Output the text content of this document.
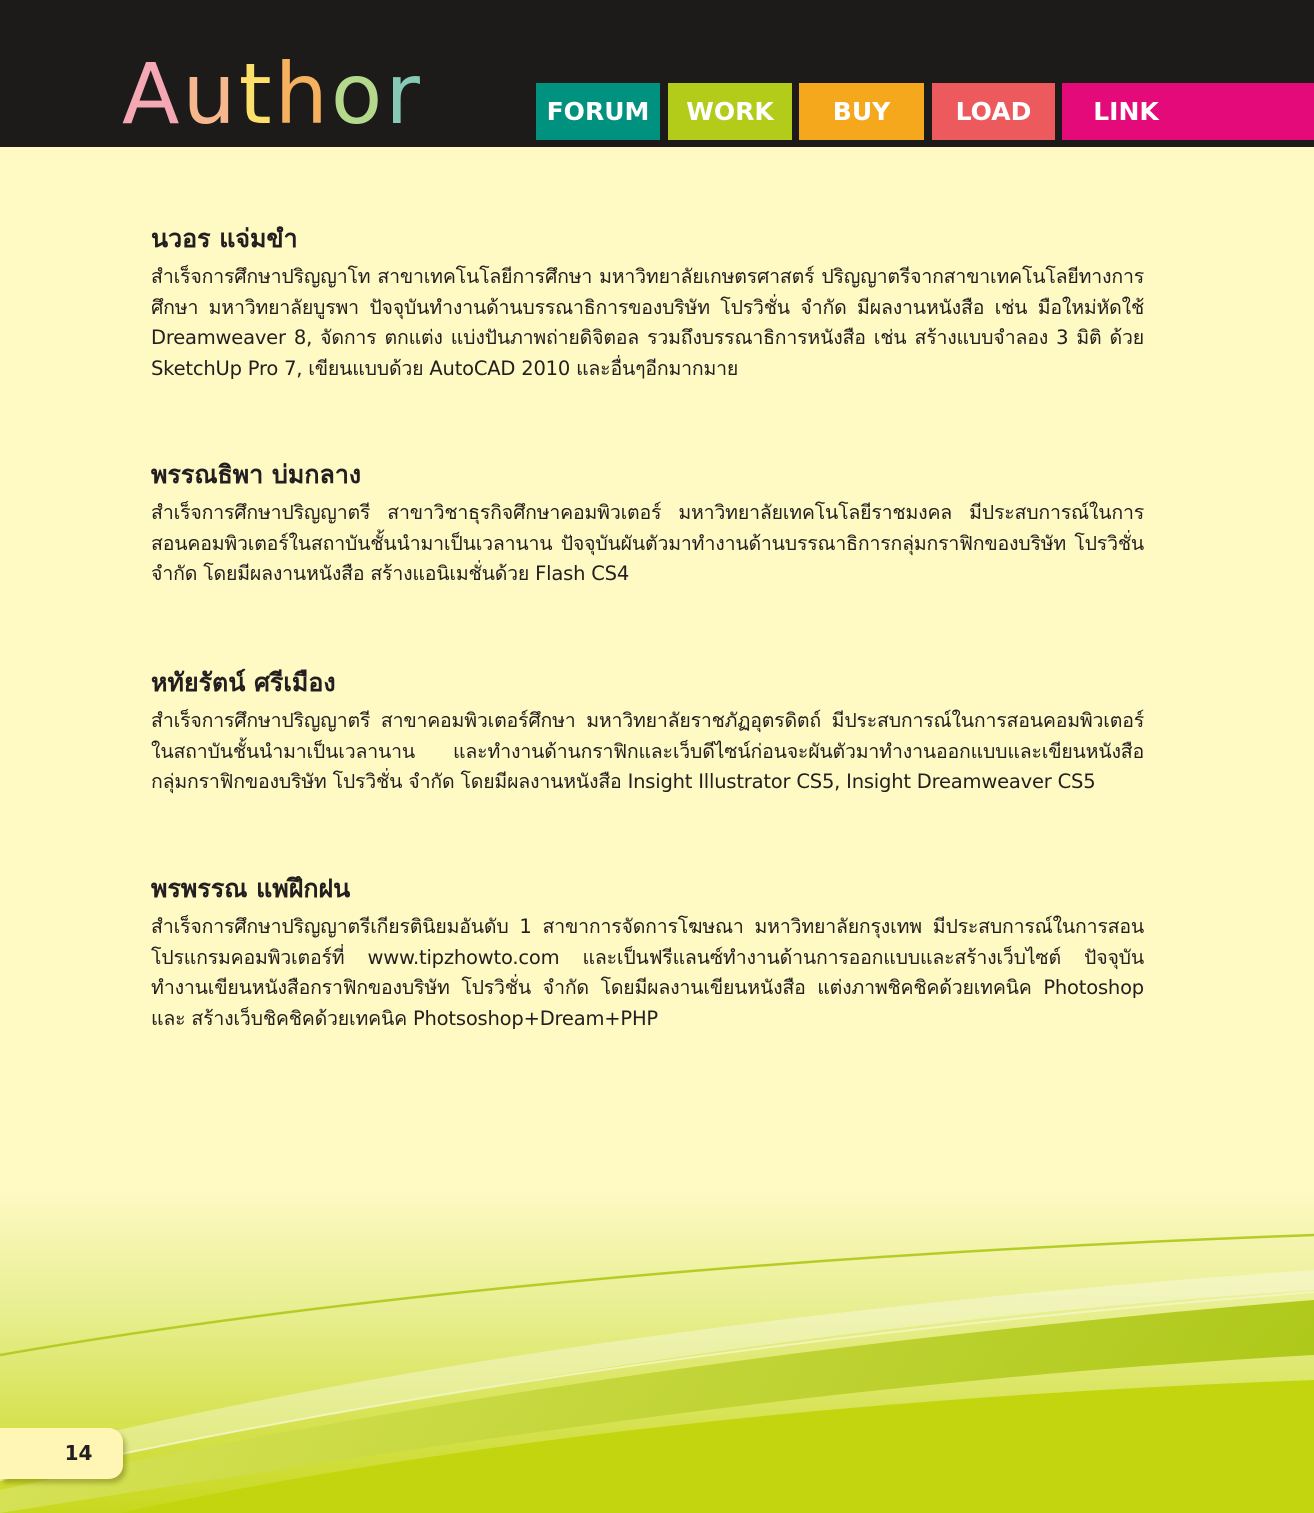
Author	FORUM	WORK	BUY	LOAD	LINK
นวอร แจ่มขำ

สำเร็จการศึกษาปริญญาโท สาขาเทคโนโลยีการศึกษา มหาวิทยาลัยเกษตรศาสตร์ ปริญญาตรีจากสาขาเทคโนโลยีทางการศึกษา มหาวิทยาลัยบูรพา ปัจจุบันทำงานด้านบรรณาธิการของบริษัท โปรวิชั่น จำกัด มีผลงานหนังสือ เช่น มือใหม่หัดใช้ Dreamweaver 8, จัดการ ตกแต่ง แบ่งปันภาพถ่ายดิจิตอล รวมถึงบรรณาธิการหนังสือ เช่น สร้างแบบจำลอง 3 มิติ ด้วย SketchUp Pro 7, เขียนแบบด้วย AutoCAD 2010 และอื่นๆอีกมากมาย

พรรณธิพา บ่มกลาง

สำเร็จการศึกษาปริญญาตรี สาขาวิชาธุรกิจศึกษาคอมพิวเตอร์ มหาวิทยาลัยเทคโนโลยีราชมงคล มีประสบการณ์ในการสอนคอมพิวเตอร์ในสถาบันชั้นนำมาเป็นเวลานาน ปัจจุบันผันตัวมาทำงานด้านบรรณาธิการกลุ่มกราฟิกของบริษัท โปรวิชั่น จำกัด โดยมีผลงานหนังสือ สร้างแอนิเมชั่นด้วย Flash CS4

หทัยรัตน์ ศรีเมือง

สำเร็จการศึกษาปริญญาตรี สาขาคอมพิวเตอร์ศึกษา มหาวิทยาลัยราชภัฏอุตรดิตถ์ มีประสบการณ์ในการสอนคอมพิวเตอร์ในสถาบันชั้นนำมาเป็นเวลานาน และทำงานด้านกราฟิกและเว็บดีไซน์ก่อนจะผันตัวมาทำงานออกแบบและเขียนหนังสือกลุ่มกราฟิกของบริษัท โปรวิชั่น จำกัด โดยมีผลงานหนังสือ Insight Illustrator CS5, Insight Dreamweaver CS5

พรพรรณ แพฝึกฝน

สำเร็จการศึกษาปริญญาตรีเกียรตินิยมอันดับ 1 สาขาการจัดการโฆษณา มหาวิทยาลัยกรุงเทพ มีประสบการณ์ในการสอนโปรแกรมคอมพิวเตอร์ที่ www.tipzhowto.com และเป็นฟรีแลนซ์ทำงานด้านการออกแบบและสร้างเว็บไซต์ ปัจจุบันทำงานเขียนหนังสือกราฟิกของบริษัท โปรวิชั่น จำกัด โดยมีผลงานเขียนหนังสือ แต่งภาพชิคชิคด้วยเทคนิค Photoshop และ สร้างเว็บชิคชิคด้วยเทคนิค Photsoshop+Dream+PHP

14
